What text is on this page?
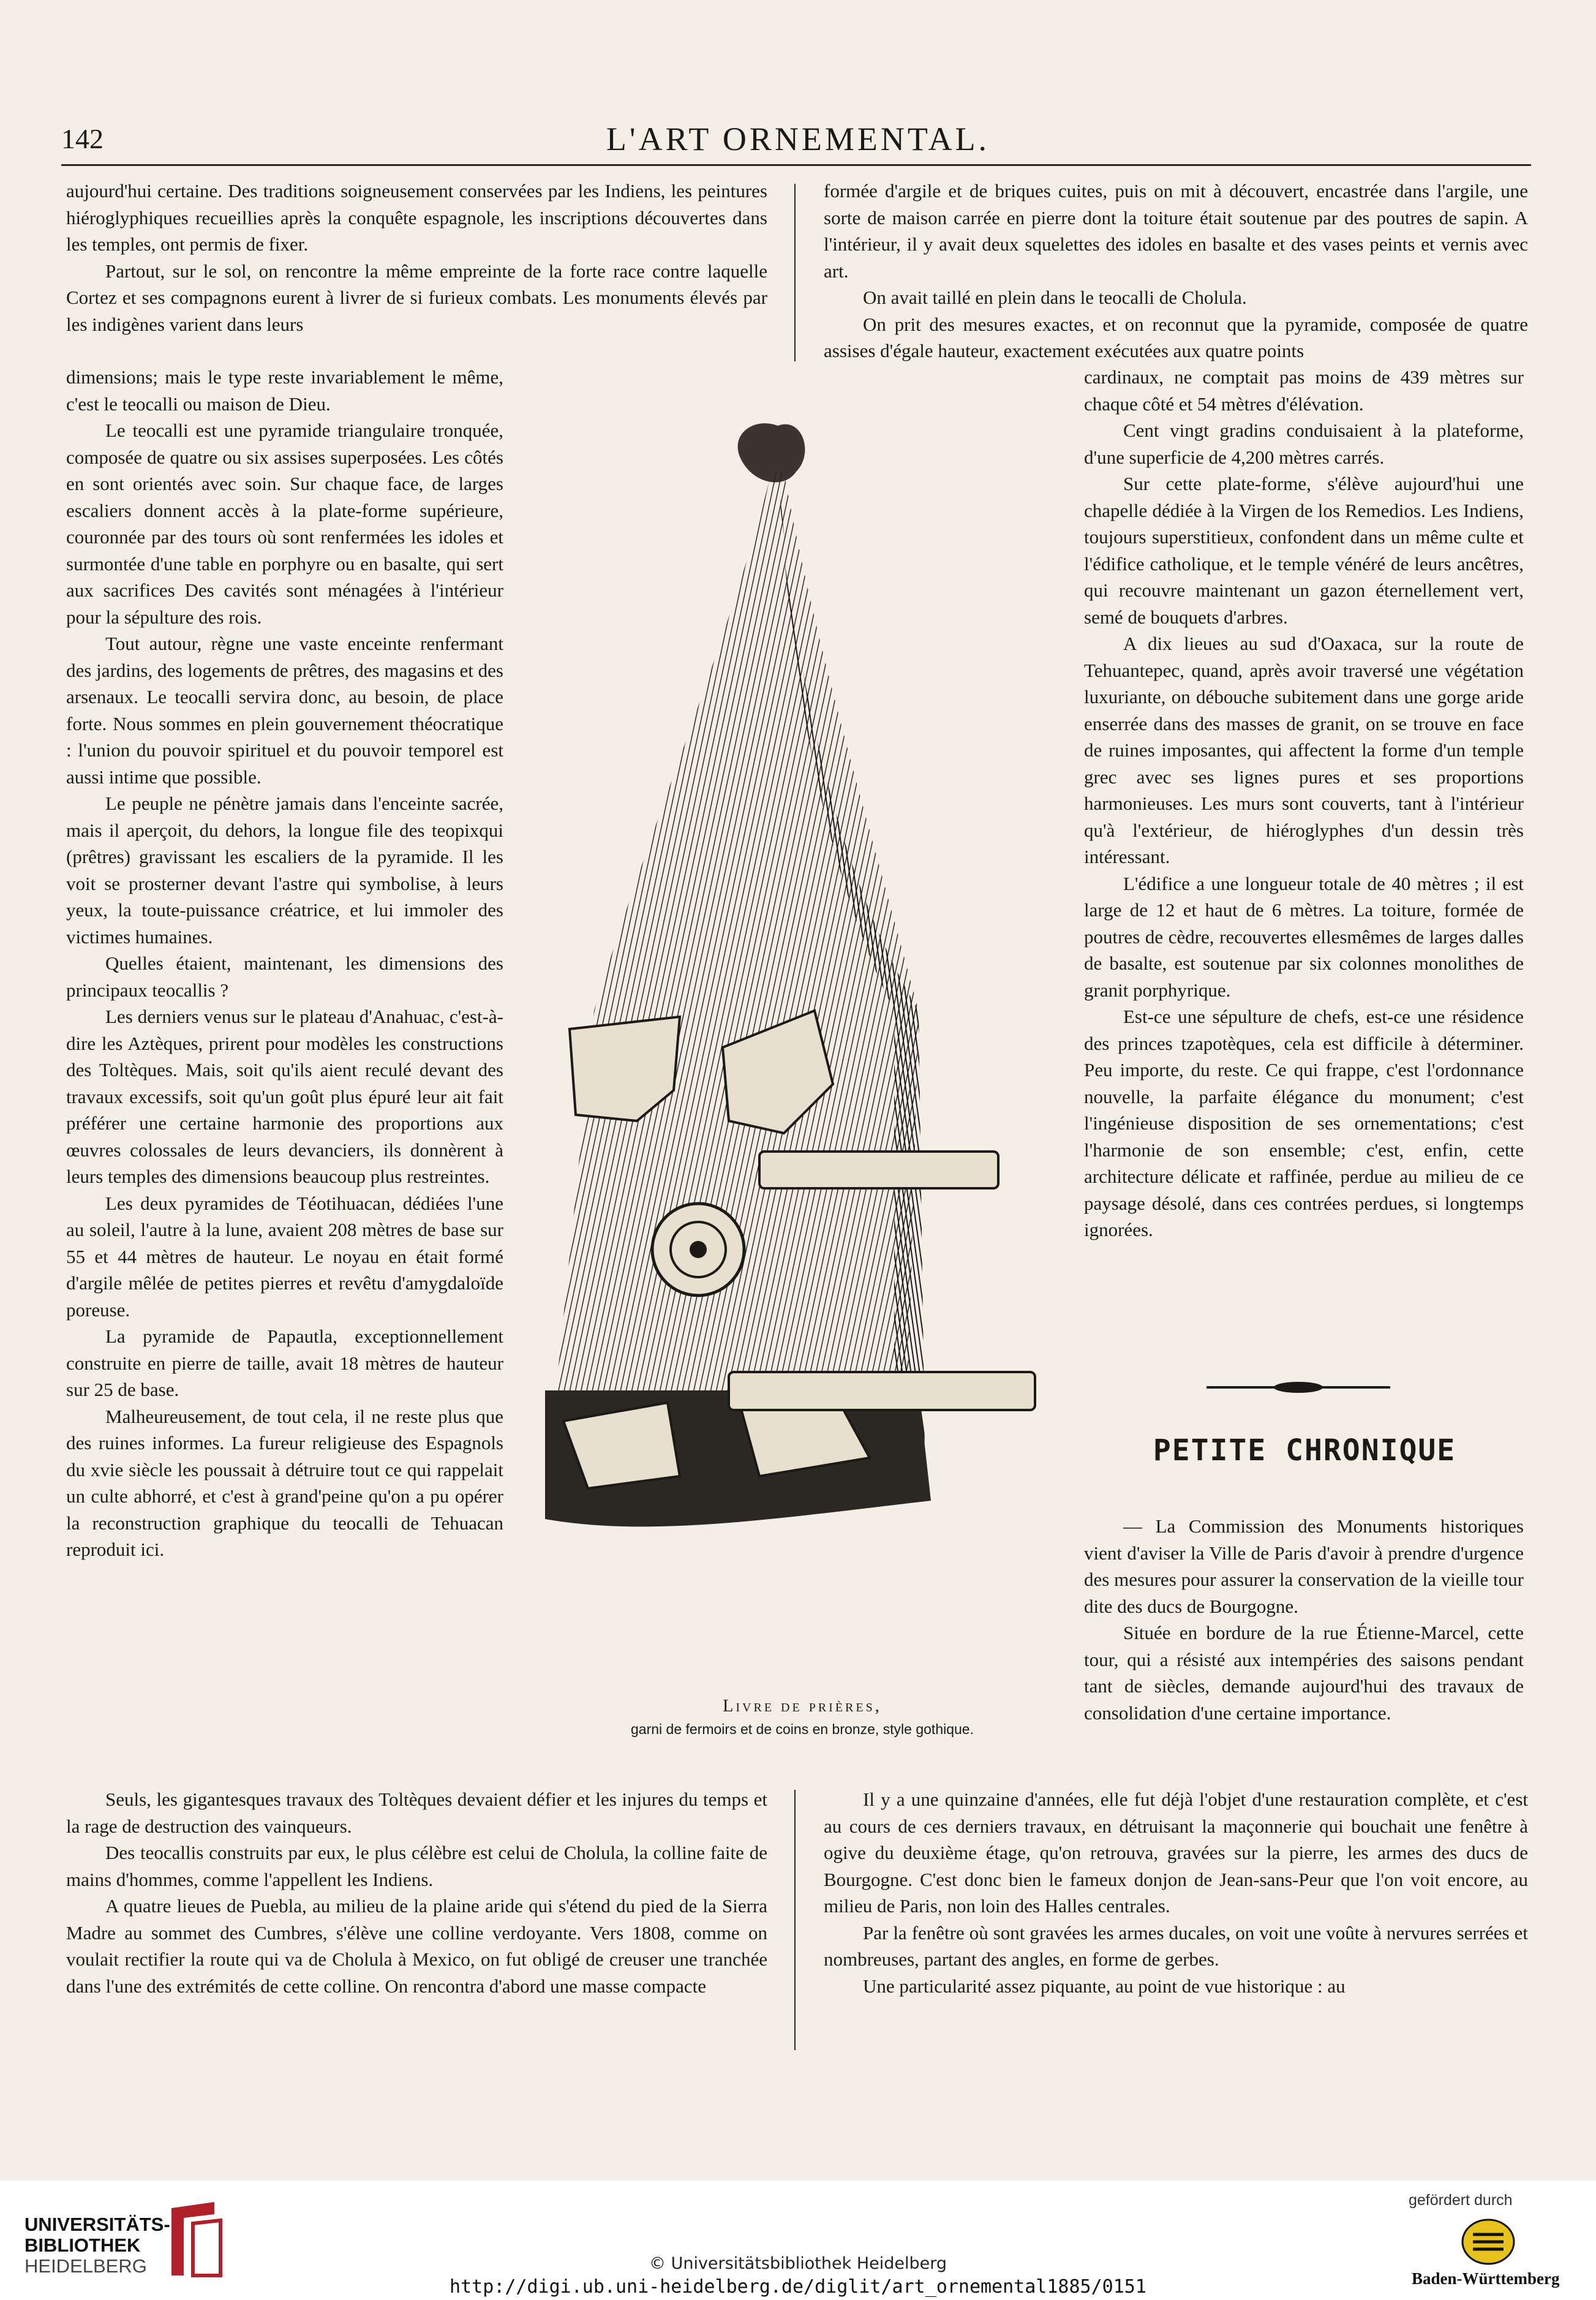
142	L'ART ORNEMENTAL.

aujourd'hui certaine. Des traditions soigneusement conservées par les Indiens, les peintures hiéroglyphiques recueillies après la conquête espagnole, les inscriptions découvertes dans les temples, ont permis de fixer.

Partout, sur le sol, on rencontre la même empreinte de la forte race contre laquelle Cortez et ses compagnons eurent à livrer de si furieux combats. Les monuments élevés par les indigènes varient dans leurs

formée d'argile et de briques cuites, puis on mit à découvert, encastrée dans l'argile, une sorte de maison carrée en pierre dont la toiture était soutenue par des poutres de sapin. A l'intérieur, il y avait deux squelettes des idoles en basalte et des vases peints et vernis avec art.

On avait taillé en plein dans le teocalli de Cholula.

On prit des mesures exactes, et on reconnut que la pyramide, composée de quatre assises d'égale hauteur, exactement exécutées aux quatre points

dimensions; mais le type reste invariablement le même, c'est le teocalli ou maison de Dieu.

Le teocalli est une pyramide triangulaire tronquée, composée de quatre ou six assises superposées. Les côtés en sont orientés avec soin. Sur chaque face, de larges escaliers donnent accès à la plate-forme supérieure, couronnée par des tours où sont renfermées les idoles et surmontée d'une table en porphyre ou en basalte, qui sert aux sacrifices Des cavités sont ménagées à l'intérieur pour la sépulture des rois.

Tout autour, règne une vaste enceinte renfermant des jardins, des logements de prêtres, des magasins et des arsenaux. Le teocalli servira donc, au besoin, de place forte. Nous sommes en plein gouvernement théocratique : l'union du pouvoir spirituel et du pouvoir temporel est aussi intime que possible.

Le peuple ne pénètre jamais dans l'enceinte sacrée, mais il aperçoit, du dehors, la longue file des teopixqui (prêtres) gravissant les escaliers de la pyramide. Il les voit se prosterner devant l'astre qui symbolise, à leurs yeux, la toute-puissance créatrice, et lui immoler des victimes humaines.

Quelles étaient, maintenant, les dimensions des principaux teocallis ?

Les derniers venus sur le plateau d'Anahuac, c'est-à-dire les Aztèques, prirent pour modèles les constructions des Toltèques. Mais, soit qu'ils aient reculé devant des travaux excessifs, soit qu'un goût plus épuré leur ait fait préférer une certaine harmonie des proportions aux œuvres colossales de leurs devanciers, ils donnèrent à leurs temples des dimensions beaucoup plus restreintes.

Les deux pyramides de Téotihuacan, dédiées l'une au soleil, l'autre à la lune, avaient 208 mètres de base sur 55 et 44 mètres de hauteur. Le noyau en était formé d'argile mêlée de petites pierres et revêtu d'amygdaloïde poreuse.

La pyramide de Papautla, exceptionnellement construite en pierre de taille, avait 18 mètres de hauteur sur 25 de base.

Malheureusement, de tout cela, il ne reste plus que des ruines informes. La fureur religieuse des Espagnols du xvie siècle les poussait à détruire tout ce qui rappelait un culte abhorré, et c'est à grand'peine qu'on a pu opérer la reconstruction graphique du teocalli de Tehuacan reproduit ici.

cardinaux, ne comptait pas moins de 439 mètres sur chaque côté et 54 mètres d'élévation.

Cent vingt gradins conduisaient à la plateforme, d'une superficie de 4,200 mètres carrés.

Sur cette plate-forme, s'élève aujourd'hui une chapelle dédiée à la Virgen de los Remedios. Les Indiens, toujours superstitieux, confondent dans un même culte et l'édifice catholique, et le temple vénéré de leurs ancêtres, qui recouvre maintenant un gazon éternellement vert, semé de bouquets d'arbres.

A dix lieues au sud d'Oaxaca, sur la route de Tehuantepec, quand, après avoir traversé une végétation luxuriante, on débouche subitement dans une gorge aride enserrée dans des masses de granit, on se trouve en face de ruines imposantes, qui affectent la forme d'un temple grec avec ses lignes pures et ses proportions harmonieuses. Les murs sont couverts, tant à l'intérieur qu'à l'extérieur, de hiéroglyphes d'un dessin très intéressant.

L'édifice a une longueur totale de 40 mètres ; il est large de 12 et haut de 6 mètres. La toiture, formée de poutres de cèdre, recouvertes ellesmêmes de larges dalles de basalte, est soutenue par six colonnes monolithes de granit porphyrique.

Est-ce une sépulture de chefs, est-ce une résidence des princes tzapotèques, cela est difficile à déterminer. Peu importe, du reste. Ce qui frappe, c'est l'ordonnance nouvelle, la parfaite élégance du monument; c'est l'ingénieuse disposition de ses ornementations; c'est l'harmonie de son ensemble; c'est, enfin, cette architecture délicate et raffinée, perdue au milieu de ce paysage désolé, dans ces contrées perdues, si longtemps ignorées.

Livre de prières,
garni de fermoirs et de coins en bronze, style gothique.
PETITE CHRONIQUE

— La Commission des Monuments historiques vient d'aviser la Ville de Paris d'avoir à prendre d'urgence des mesures pour assurer la conservation de la vieille tour dite des ducs de Bourgogne.

Située en bordure de la rue Étienne-Marcel, cette tour, qui a résisté aux intempéries des saisons pendant tant de siècles, demande aujourd'hui des travaux de consolidation d'une certaine importance.

Seuls, les gigantesques travaux des Toltèques devaient défier et les injures du temps et la rage de destruction des vainqueurs.

Des teocallis construits par eux, le plus célèbre est celui de Cholula, la colline faite de mains d'hommes, comme l'appellent les Indiens.

A quatre lieues de Puebla, au milieu de la plaine aride qui s'étend du pied de la Sierra Madre au sommet des Cumbres, s'élève une colline verdoyante. Vers 1808, comme on voulait rectifier la route qui va de Cholula à Mexico, on fut obligé de creuser une tranchée dans l'une des extrémités de cette colline. On rencontra d'abord une masse compacte

Il y a une quinzaine d'années, elle fut déjà l'objet d'une restauration complète, et c'est au cours de ces derniers travaux, en détruisant la maçonnerie qui bouchait une fenêtre à ogive du deuxième étage, qu'on retrouva, gravées sur la pierre, les armes des ducs de Bourgogne. C'est donc bien le fameux donjon de Jean-sans-Peur que l'on voit encore, au milieu de Paris, non loin des Halles centrales.

Par la fenêtre où sont gravées les armes ducales, on voit une voûte à nervures serrées et nombreuses, partant des angles, en forme de gerbes.

Une particularité assez piquante, au point de vue historique : au

UNIVERSITÄTS-
BIBLIOTHEK
HEIDELBERG	© Universitätsbibliothek Heidelberg
http://digi.ub.uni-heidelberg.de/diglit/art_ornemental1885/0151
gefördert durch
Baden-Württemberg
